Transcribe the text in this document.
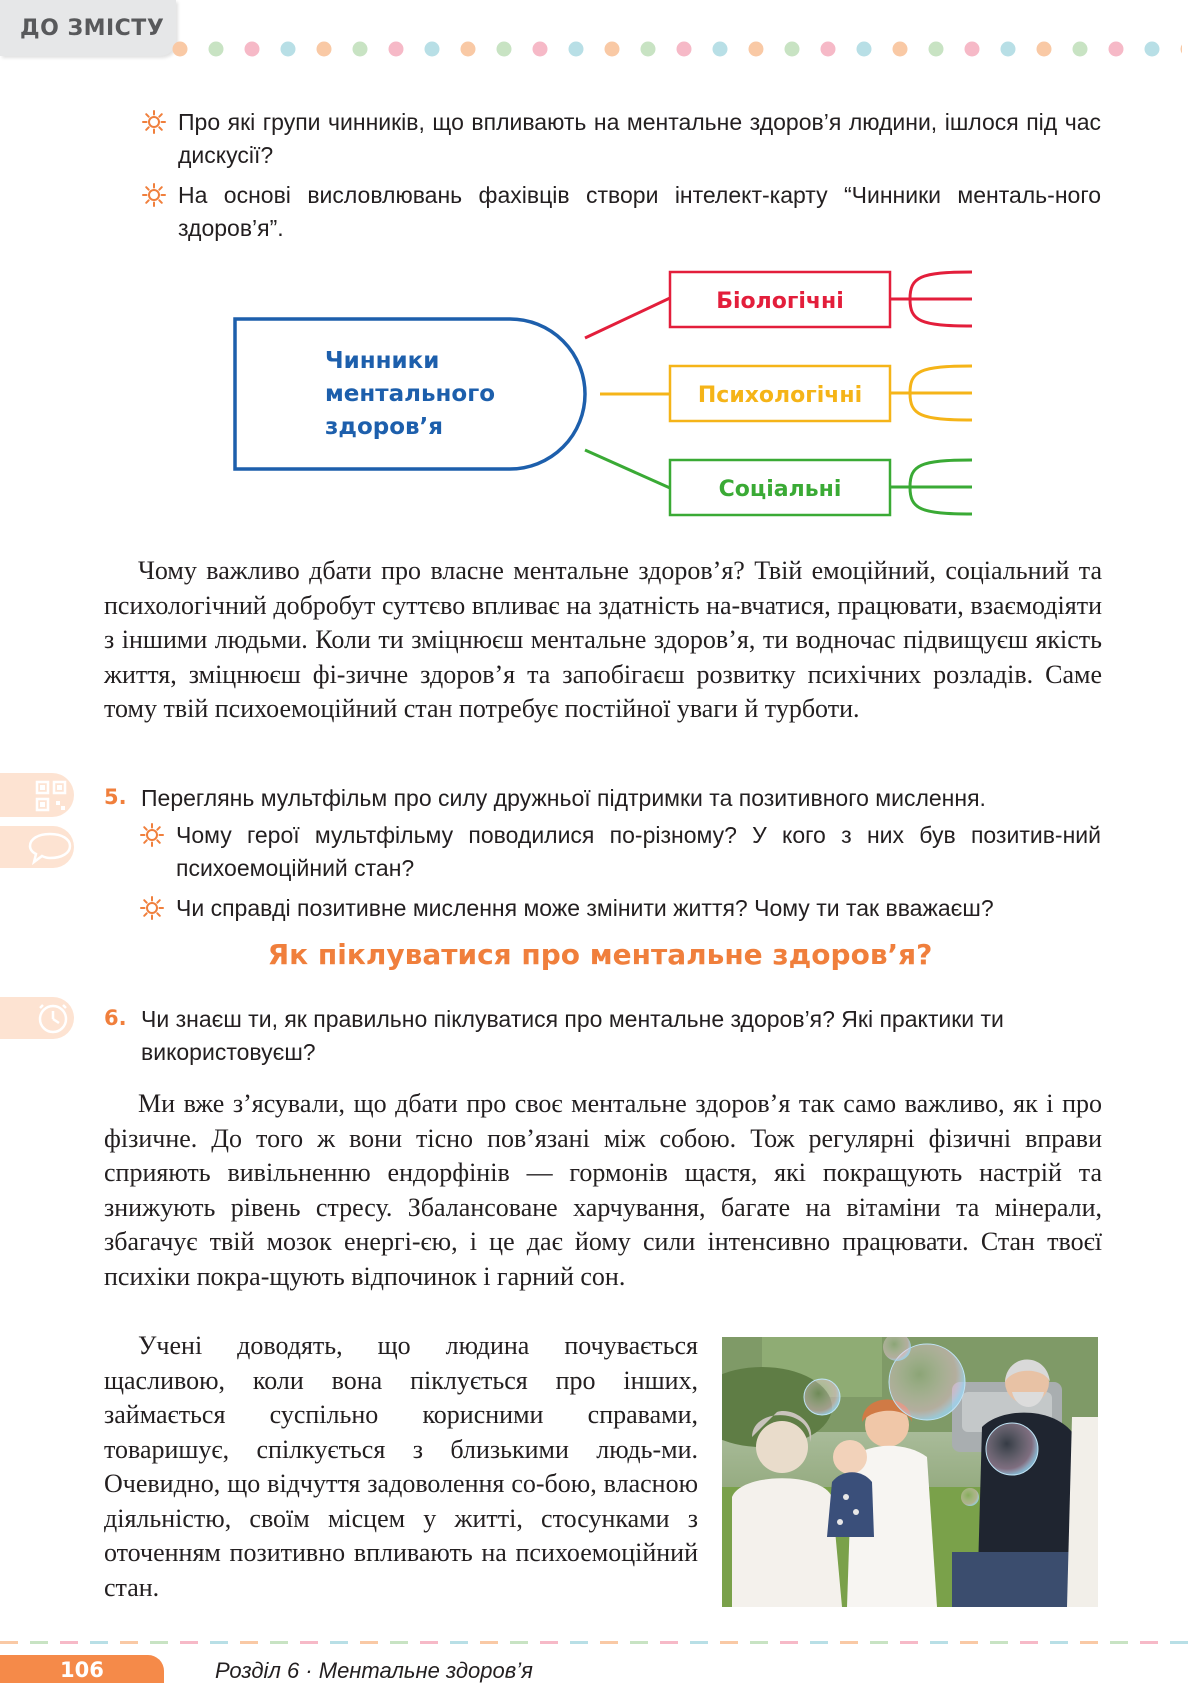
ДО ЗМІСТУ
Про які групи чинників, що впливають на ментальне здоров’я людини, ішлося під час дискусії?
На основі висловлювань фахівців створи інтелект-карту “Чинники менталь-ного здоров’я”.
Чинники
ментального
здоров’я
Біологічні
Психологічні
Соціальні
Чому важливо дбати про власне ментальне здоров’я? Твій емоційний, соціальний та психологічний добробут суттєво впливає на здатність на-вчатися, працювати, взаємодіяти з іншими людьми. Коли ти зміцнюєш ментальне здоров’я, ти водночас підвищуєш якість життя, зміцнюєш фі-зичне здоров’я та запобігаєш розвитку психічних розладів. Саме тому твій психоемоційний стан потребує постійної уваги й турботи.
5. Переглянь мультфільм про силу дружньої підтримки та позитивного мислення.
Чому герої мультфільму поводилися по-різному? У кого з них був позитив-ний психоемоційний стан?
Чи справді позитивне мислення може змінити життя? Чому ти так вважаєш?
Як піклуватися про ментальне здоров’я?
6. Чи знаєш ти, як правильно піклуватися про ментальне здоров’я? Які практики ти використовуєш?
Ми вже з’ясували, що дбати про своє ментальне здоров’я так само важливо, як і про фізичне. До того ж вони тісно пов’язані між собою. Тож регулярні фізичні вправи сприяють вивільненню ендорфінів — гормонів щастя, які покращують настрій та знижують рівень стресу. Збалансоване харчування, багате на вітаміни та мінерали, збагачує твій мозок енергі-єю, і це дає йому сили інтенсивно працювати. Стан твоєї психіки покра-щують відпочинок і гарний сон.
Учені доводять, що людина почувається щасливою, коли вона піклується про інших, займається суспільно корисними справами, товаришує, спілкується з близькими людь-ми. Очевидно, що відчуття задоволення со-бою, власною діяльністю, своїм місцем у житті, стосунками з оточенням позитивно впливають на психоемоційний стан.
106	Розділ 6 · Ментальне здоров’я
